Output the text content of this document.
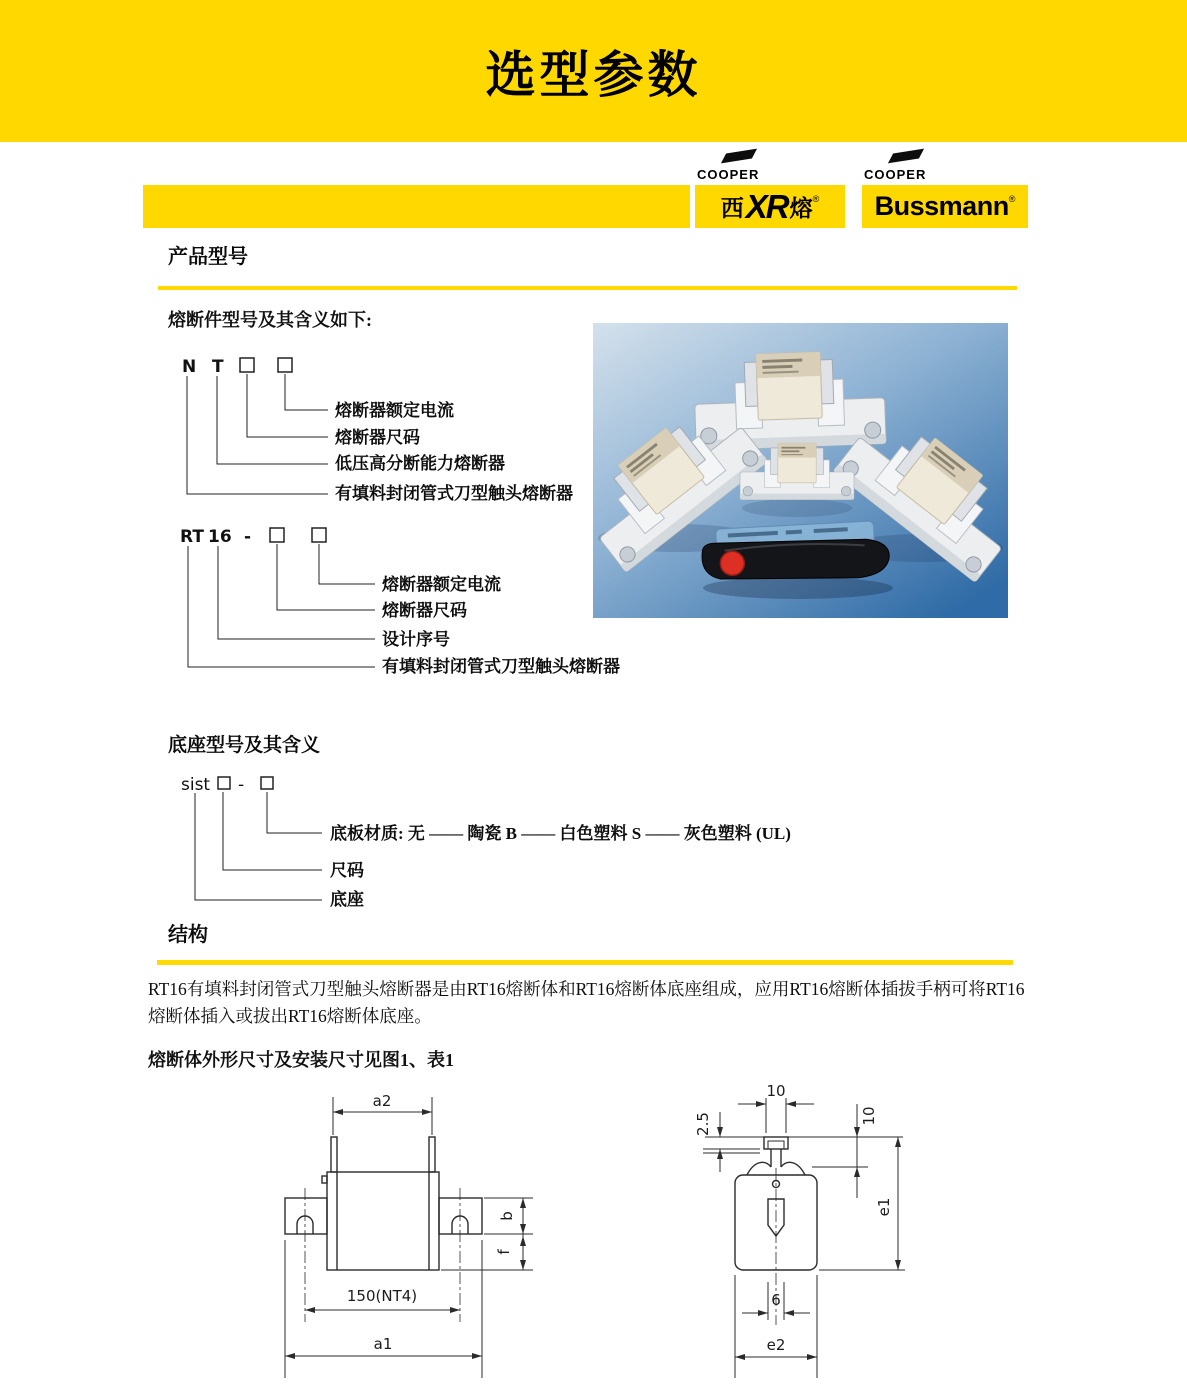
选型参数
COOPER
西 XR 熔 ®
COOPER
Bussmann ®
产品型号
熔断件型号及其含义如下:
N T
熔断器额定电流
熔断器尺码
低压高分断能力熔断器
有填料封闭管式刀型触头熔断器
RT 16 -
熔断器额定电流
熔断器尺码
设计序号
有填料封闭管式刀型触头熔断器
底座型号及其含义
sist -
底板材质: 无 —— 陶瓷 B —— 白色塑料 S —— 灰色塑料 (UL)
尺码
底座
结构
RT16有填料封闭管式刀型触头熔断器是由RT16熔断体和RT16熔断体底座组成，应用RT16熔断体插拔手柄可将RT16熔断体插入或拔出RT16熔断体底座。
熔断体外形尺寸及安装尺寸见图1、表1
a2
b
f
150(NT4)
a1
10
2.5	10
e1
6
e2
